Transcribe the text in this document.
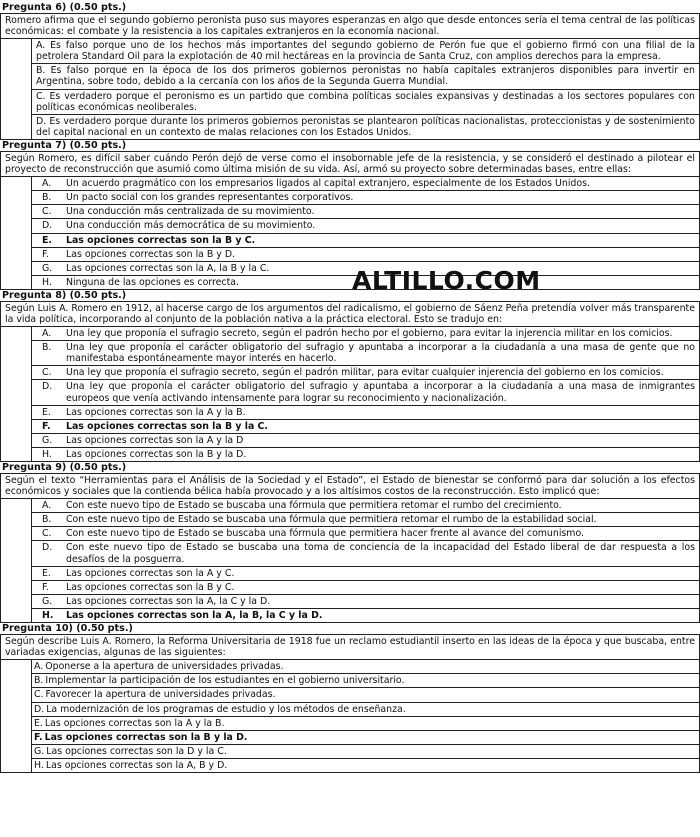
Pregunta 6) (0.50 pts.)
Romero afirma que el segundo gobierno peronista puso sus mayores esperanzas en algo que desde entonces sería el tema central de las políticas económicas: el combate y la resistencia a los capitales extranjeros en la economía nacional.
A. Es falso porque uno de los hechos más importantes del segundo gobierno de Perón fue que el gobierno firmó con una filial de la petrolera Standard Oil para la explotación de 40 mil hectáreas en la provincia de Santa Cruz, con amplios derechos para la empresa.
B. Es falso porque en la época de los dos primeros gobiernos peronistas no había capitales extranjeros disponibles para invertir en Argentina, sobre todo, debido a la cercanía con los años de la Segunda Guerra Mundial.
C. Es verdadero porque el peronismo es un partido que combina políticas sociales expansivas y destinadas a los sectores populares con políticas económicas neoliberales.
D. Es verdadero porque durante los primeros gobiernos peronistas se plantearon políticas nacionalistas, proteccionistas y de sostenimiento del capital nacional en un contexto de malas relaciones con los Estados Unidos.
Pregunta 7) (0.50 pts.)
Según Romero, es difícil saber cuándo Perón dejó de verse como el insobornable jefe de la resistencia, y se consideró el destinado a pilotear el proyecto de reconstrucción que asumió como última misión de su vida. Así, armó su proyecto sobre determinadas bases, entre ellas:
A.	Un acuerdo pragmático con los empresarios ligados al capital extranjero, especialmente de los Estados Unidos.
B.	Un pacto social con los grandes representantes corporativos.
C.	Una conducción más centralizada de su movimiento.
D.	Una conducción más democrática de su movimiento.
E.	Las opciones correctas son la B y C.
F.	Las opciones correctas son la B y D.
G.	Las opciones correctas son la A, la B y la C.
H.	Ninguna de las opciones es correcta.
Pregunta 8) (0.50 pts.)
Según Luis A. Romero en 1912, al hacerse cargo de los argumentos del radicalismo, el gobierno de Sáenz Peña pretendía volver más transparente la vida política, incorporando al conjunto de la población nativa a la práctica electoral. Esto se tradujo en:
A.	Una ley que proponía el sufragio secreto, según el padrón hecho por el gobierno, para evitar la injerencia militar en los comicios.
B.	Una ley que proponía el carácter obligatorio del sufragio y apuntaba a incorporar a la ciudadanía a una masa de gente que no manifestaba espontáneamente mayor interés en hacerlo.
C.	Una ley que proponía el sufragio secreto, según el padrón militar, para evitar cualquier injerencia del gobierno en los comicios.
D.	Una ley que proponía el carácter obligatorio del sufragio y apuntaba a incorporar a la ciudadanía a una masa de inmigrantes europeos que venía activando intensamente para lograr su reconocimiento y nacionalización.
E.	Las opciones correctas son la A y la B.
F.	Las opciones correctas son la B y la C.
G.	Las opciones correctas son la A y la D
H.	Las opciones correctas son la B y la D.
Pregunta 9) (0.50 pts.)
Según el texto “Herramientas para el Análisis de la Sociedad y el Estado”, el Estado de bienestar se conformó para dar solución a los efectos económicos y sociales que la contienda bélica había provocado y a los altísimos costos de la reconstrucción. Esto implicó que:
A.	Con este nuevo tipo de Estado se buscaba una fórmula que permitiera retomar el rumbo del crecimiento.
B.	Con este nuevo tipo de Estado se buscaba una fórmula que permitiera retomar el rumbo de la estabilidad social.
C.	Con este nuevo tipo de Estado se buscaba una fórmula que permitiera hacer frente al avance del comunismo.
D.	Con este nuevo tipo de Estado se buscaba una toma de conciencia de la incapacidad del Estado liberal de dar respuesta a los desafíos de la posguerra.
E.	Las opciones correctas son la A y C.
F.	Las opciones correctas son la B y C.
G.	Las opciones correctas son la A, la C y la D.
H.	Las opciones correctas son la A, la B, la C y la D.
Pregunta 10) (0.50 pts.)
Según describe Luis A. Romero, la Reforma Universitaria de 1918 fue un reclamo estudiantil inserto en las ideas de la época y que buscaba, entre variadas exigencias, algunas de las siguientes:
A. Oponerse a la apertura de universidades privadas.
B. Implementar la participación de los estudiantes en el gobierno universitario.
C. Favorecer la apertura de universidades privadas.
D. La modernización de los programas de estudio y los métodos de enseñanza.
E. Las opciones correctas son la A y la B.
F. Las opciones correctas son la B y la D.
G. Las opciones correctas son la D y la C.
H. Las opciones correctas son la A, B y D.
ALTILLO.COM
